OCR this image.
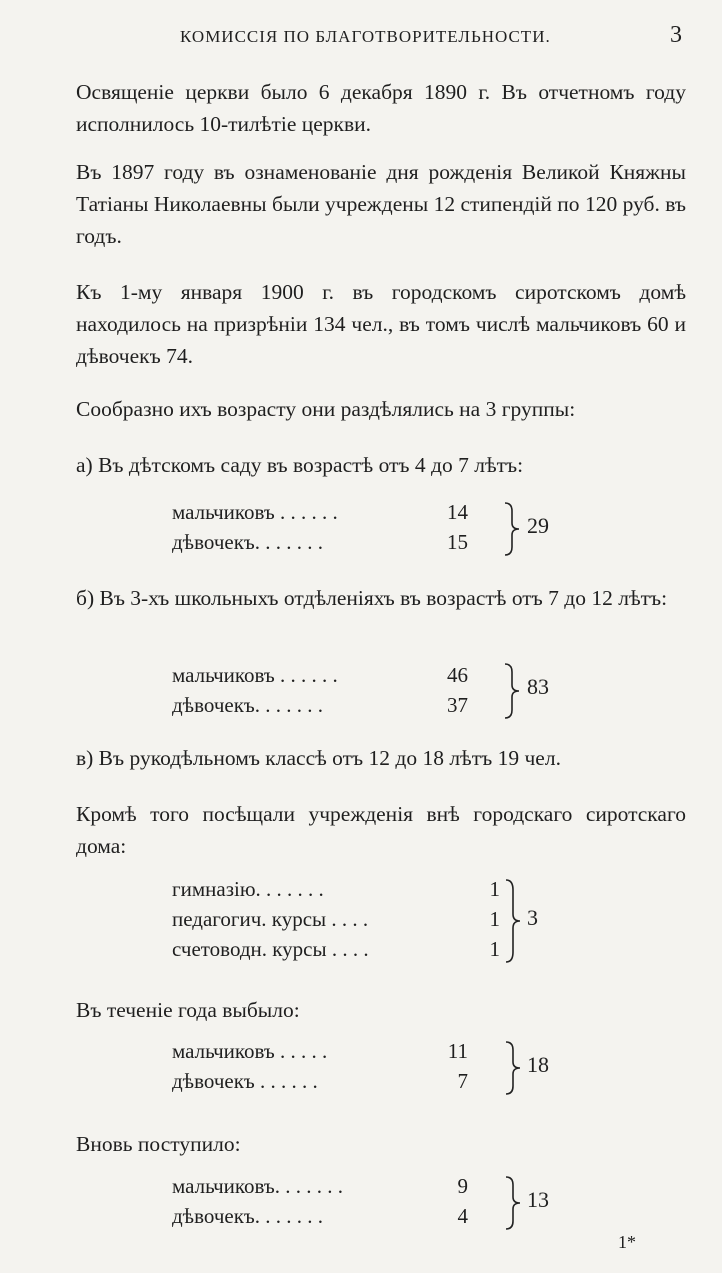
КОМИССІЯ ПО БЛАГОТВОРИТЕЛЬНОСТИ.	3
Освященіе церкви было 6 декабря 1890 г. Въ отчетномъ году исполнилось 10-тилѣтіе церкви.
Въ 1897 году въ ознаменованіе дня рожденія Великой Княжны Татіаны Николаевны были учреждены 12 стипендій по 120 руб. въ годъ.
Къ 1-му января 1900 г. въ городскомъ сиротскомъ домѣ находилось на призрѣніи 134 чел., въ томъ числѣ мальчиковъ 60 и дѣвочекъ 74.
Сообразно ихъ возрасту они раздѣлялись на 3 группы:
а) Въ дѣтскомъ саду въ возрастѣ отъ 4 до 7 лѣтъ:
мальчиковъ . . . . . .	14
дѣвочекъ. . . . . . .	15
29
б) Въ 3-хъ школьныхъ отдѣленіяхъ въ возрастѣ отъ 7 до 12 лѣтъ:
мальчиковъ . . . . . .	46
дѣвочекъ. . . . . . .	37
83
в) Въ рукодѣльномъ классѣ отъ 12 до 18 лѣтъ 19 чел.
Кромѣ того посѣщали учрежденія внѣ городскаго сиротскаго дома:
гимназію. . . . . . .	1
педагогич. курсы . . . .	1
счетоводн. курсы . . . .	1
3
Въ теченіе года выбыло:
мальчиковъ . . . . .	11
дѣвочекъ . . . . . .	7
18
Вновь поступило:
мальчиковъ. . . . . . .	9
дѣвочекъ. . . . . . .	4
13
1*
